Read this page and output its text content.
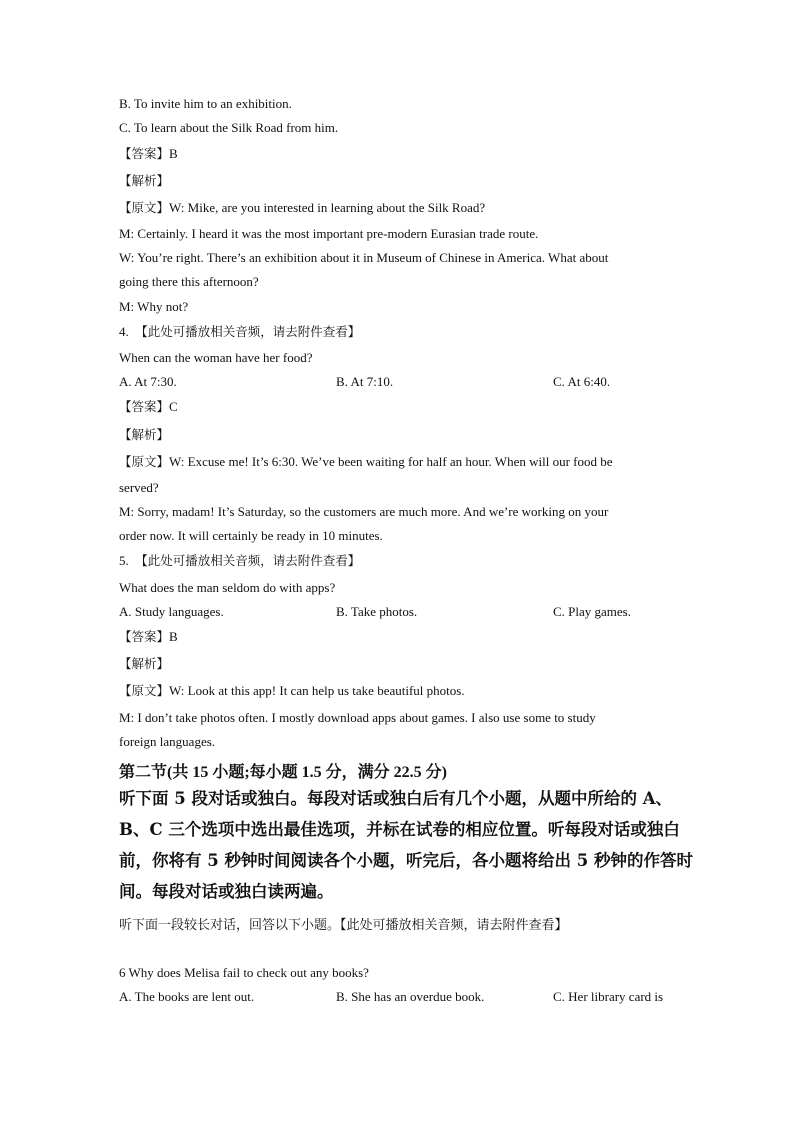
B. To invite him to an exhibition.
C. To learn about the Silk Road from him.
【答案】B
【解析】
【原文】W: Mike, are you interested in learning about the Silk Road?
M: Certainly. I heard it was the most important pre-modern Eurasian trade route.
W: You’re right. There’s an exhibition about it in Museum of Chinese in America. What about
going there this afternoon?
M: Why not?
4. 【此处可播放相关音频，请去附件查看】
When can the woman have her food?
A. At 7:30.	B. At 7:10.	C. At 6:40.
【答案】C
【解析】
【原文】W: Excuse me! It’s 6:30. We’ve been waiting for half an hour. When will our food be
served?
M: Sorry, madam! It’s Saturday, so the customers are much more. And we’re working on your
order now. It will certainly be ready in 10 minutes.
5. 【此处可播放相关音频，请去附件查看】
What does the man seldom do with apps?
A. Study languages.	B. Take photos.	C. Play games.
【答案】B
【解析】
【原文】W: Look at this app! It can help us take beautiful photos.
M: I don’t take photos often. I mostly download apps about games. I also use some to study
foreign languages.
第二节(共 15 小题;每小题 1.5 分，满分 22.5 分)
听下面 5 段对话或独白。每段对话或独白后有几个小题，从题中所给的 A、
B、C 三个选项中选出最佳选项，并标在试卷的相应位置。听每段对话或独白
前，你将有 5 秒钟时间阅读各个小题，听完后，各小题将给出 5 秒钟的作答时
间。每段对话或独白读两遍。
听下面一段较长对话，回答以下小题。【此处可播放相关音频，请去附件查看】
6 Why does Melisa fail to check out any books?
A. The books are lent out.	B. She has an overdue book.	C. Her library card is
